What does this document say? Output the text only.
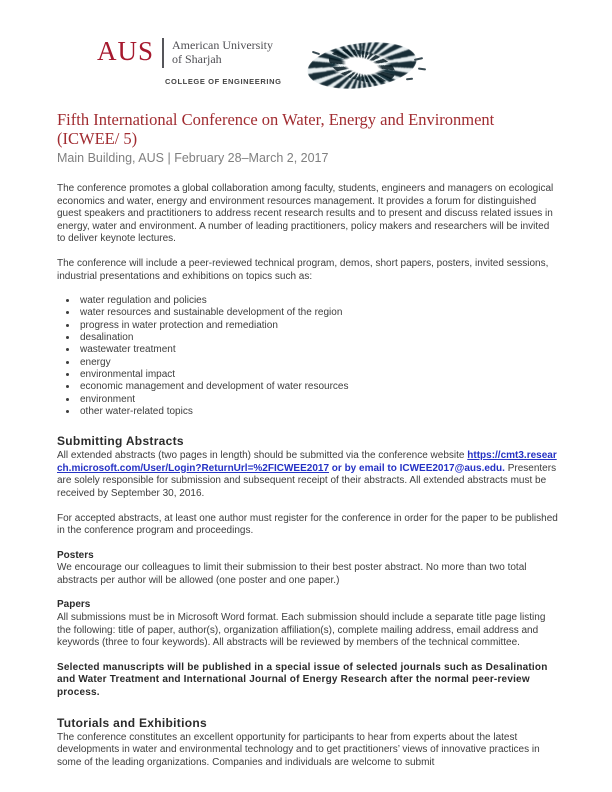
AUS American University
of Sharjah
COLLEGE OF ENGINEERING
Fifth International Conference on Water, Energy and Environment (ICWEE/ 5)
Main Building, AUS | February 28–March 2, 2017

The conference promotes a global collaboration among faculty, students, engineers and managers on ecological economics and water, energy and environment resources management. It provides a forum for distinguished guest speakers and practitioners to address recent research results and to present and discuss related issues in energy, water and environment. A number of leading practitioners, policy makers and researchers will be invited to deliver keynote lectures.

The conference will include a peer-reviewed technical program, demos, short papers, posters, invited sessions, industrial presentations and exhibitions on topics such as:

• water regulation and policies
• water resources and sustainable development of the region
• progress in water protection and remediation
• desalination
• wastewater treatment
• energy
• environmental impact
• economic management and development of water resources
• environment
• other water-related topics
Submitting Abstracts

All extended abstracts (two pages in length) should be submitted via the conference website https://cmt3.research.microsoft.com/User/Login?ReturnUrl=%2FICWEE2017 or by email to ICWEE2017@aus.edu. Presenters are solely responsible for submission and subsequent receipt of their abstracts. All extended abstracts must be received by September 30, 2016.

For accepted abstracts, at least one author must register for the conference in order for the paper to be published in the conference program and proceedings.

Posters

We encourage our colleagues to limit their submission to their best poster abstract. No more than two total abstracts per author will be allowed (one poster and one paper.)

Papers

All submissions must be in Microsoft Word format. Each submission should include a separate title page listing the following: title of paper, author(s), organization affiliation(s), complete mailing address, email address and keywords (three to four keywords). All abstracts will be reviewed by members of the technical committee.

Selected manuscripts will be published in a special issue of selected journals such as Desalination and Water Treatment and International Journal of Energy Research after the normal peer-review process.

Tutorials and Exhibitions

The conference constitutes an excellent opportunity for participants to hear from experts about the latest developments in water and environmental technology and to get practitioners’ views of innovative practices in some of the leading organizations. Companies and individuals are welcome to submit
